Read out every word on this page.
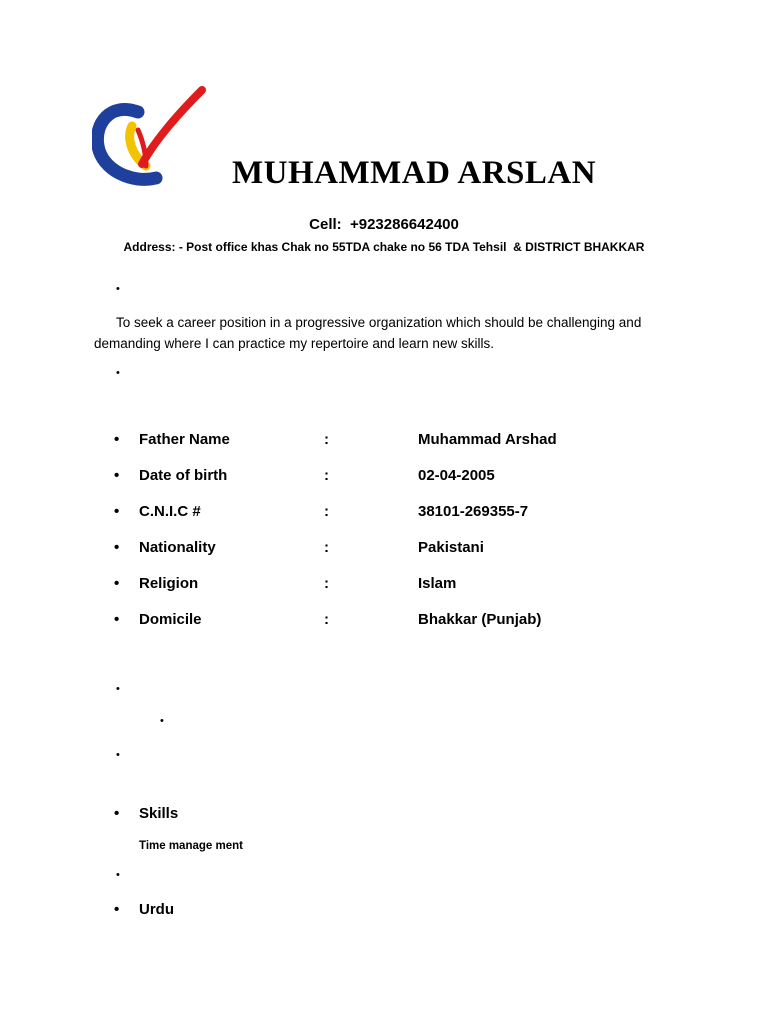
MUHAMMAD ARSLAN
Cell:  +923286642400
Address: - Post office khas Chak no 55TDA chake no 56 TDA Tehsil  & DISTRICT BHAKKAR
•
To seek a career position in a progressive organization which should be challenging and demanding where I can practice my repertoire and learn new skills.
•
• Father Name	:	Muhammad Arshad
• Date of birth	:	02-04-2005
• C.N.I.C #	:	38101-269355-7
• Nationality	:	Pakistani
• Religion	:	Islam
• Domicile	:	Bhakkar (Punjab)
•
•
•
• Skills
Time manage ment
•
• Urdu
